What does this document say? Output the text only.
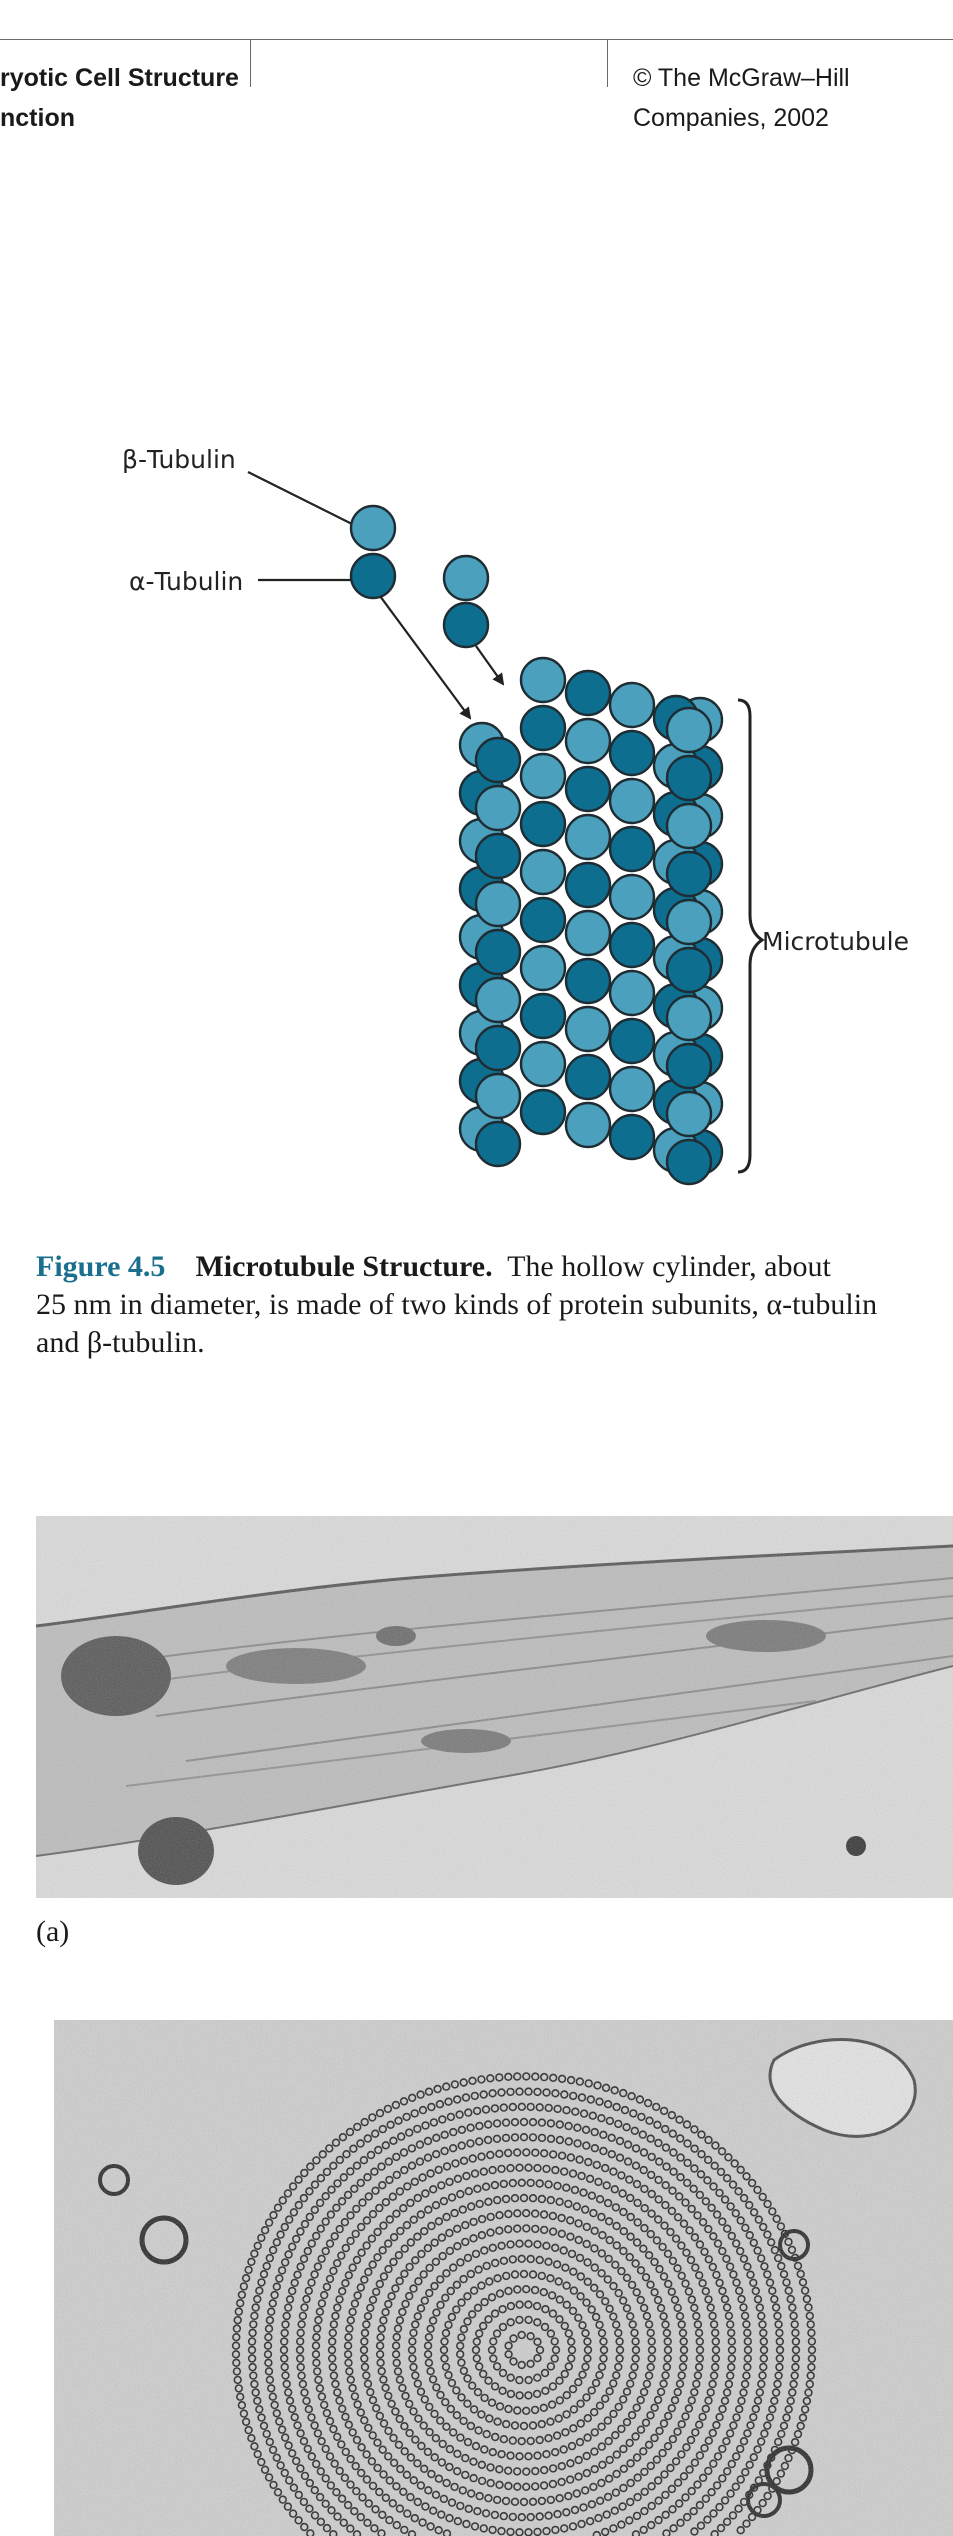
ryotic Cell Structure
nction
© The McGraw–Hill
Companies, 2002
β-Tubulin
α-Tubulin
Microtubule
Figure 4.5 Microtubule Structure. The hollow cylinder, about
25 nm in diameter, is made of two kinds of protein subunits, α-tubulin
and β-tubulin.
(a)
